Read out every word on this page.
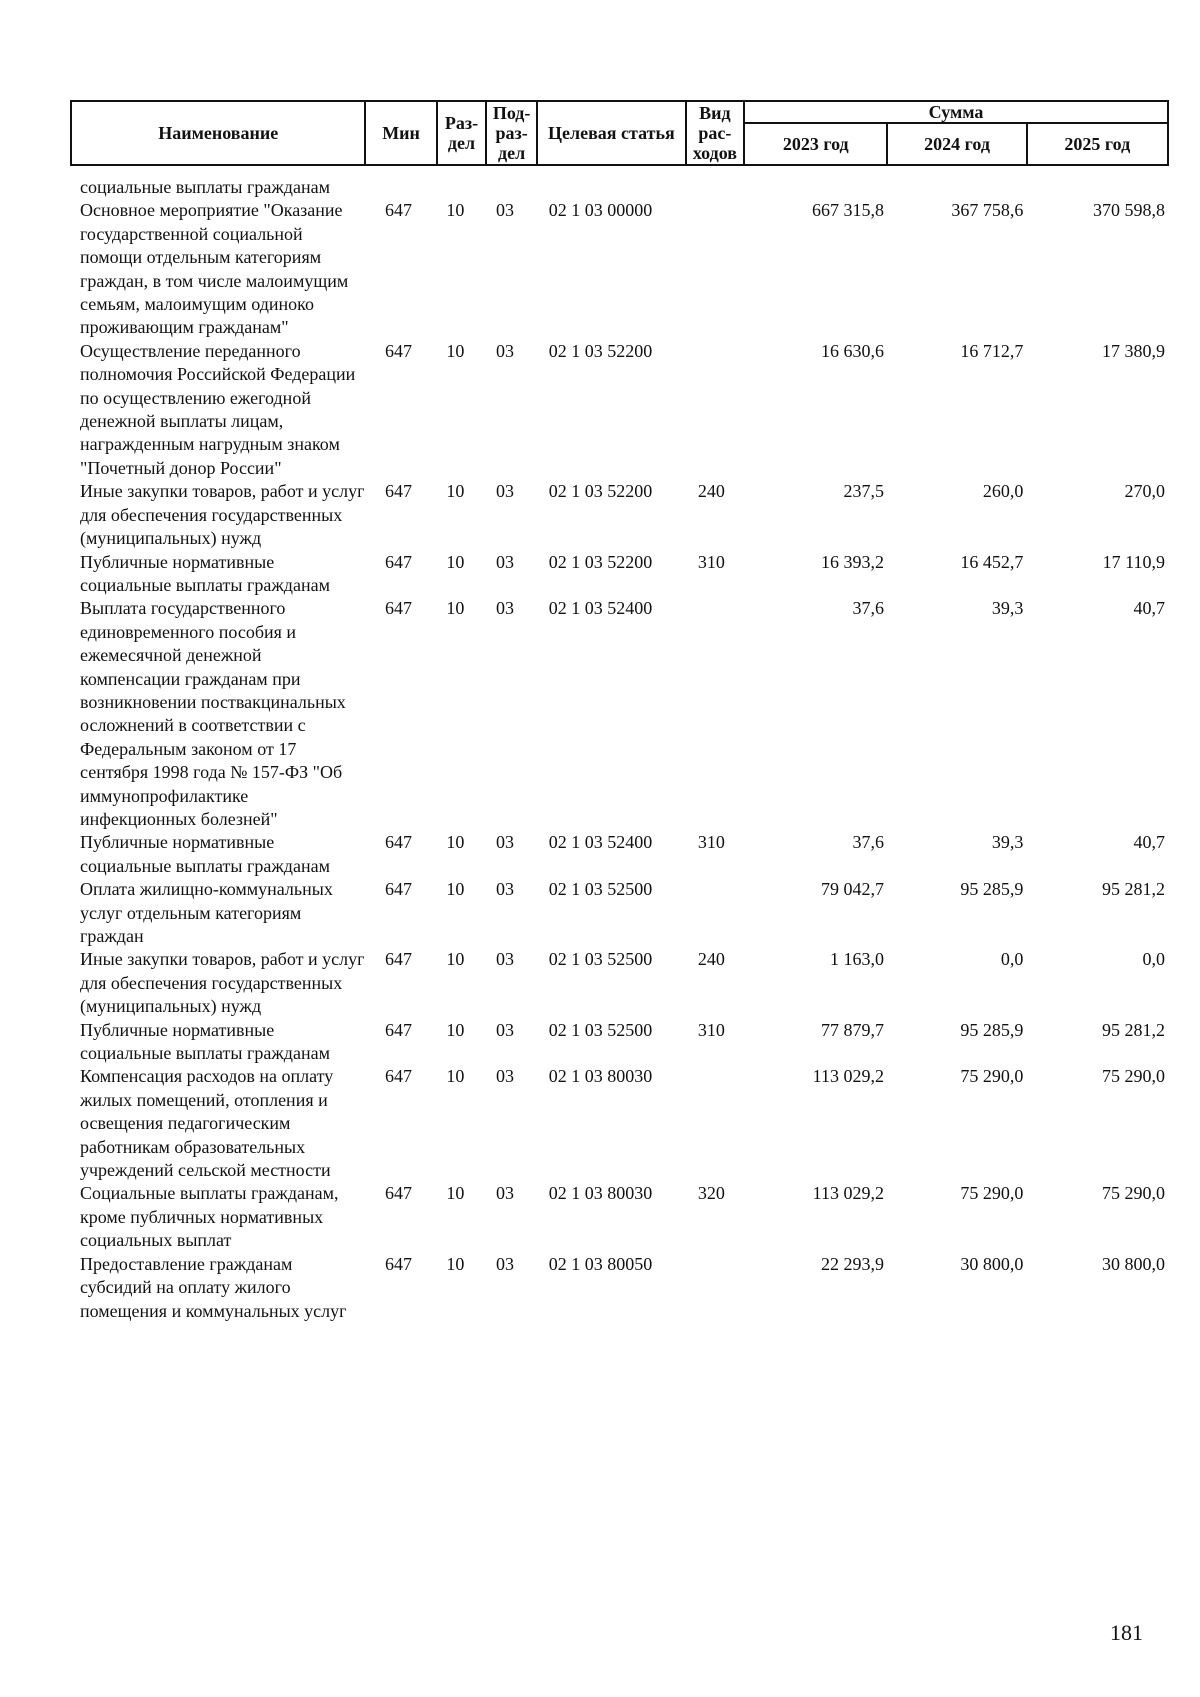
Наименование	Мин	Раз- дел	Под- раз- дел	Целевая статья	Вид рас- ходов	Сумма		
						2023 год	2024 год	2025 год
социальные выплаты гражданам								
Основное мероприятие "Оказание государственной социальной помощи отдельным категориям граждан, в том числе малоимущим семьям, малоимущим одиноко проживающим гражданам"	647	10	03	02 1 03 00000		667 315,8	367 758,6	370 598,8
Осуществление переданного полномочия Российской Федерации по осуществлению ежегодной денежной выплаты лицам, награжденным нагрудным знаком "Почетный донор России"	647	10	03	02 1 03 52200		16 630,6	16 712,7	17 380,9
Иные закупки товаров, работ и услуг для обеспечения государственных (муниципальных) нужд	647	10	03	02 1 03 52200	240	237,5	260,0	270,0
Публичные нормативные социальные выплаты гражданам	647	10	03	02 1 03 52200	310	16 393,2	16 452,7	17 110,9
Выплата государственного единовременного пособия и ежемесячной денежной компенсации гражданам при возникновении поствакцинальных осложнений в соответствии с Федеральным законом от 17 сентября 1998 года № 157-ФЗ "Об иммунопрофилактике инфекционных болезней"	647	10	03	02 1 03 52400		37,6	39,3	40,7
Публичные нормативные социальные выплаты гражданам	647	10	03	02 1 03 52400	310	37,6	39,3	40,7
Оплата жилищно-коммунальных услуг отдельным категориям граждан	647	10	03	02 1 03 52500		79 042,7	95 285,9	95 281,2
Иные закупки товаров, работ и услуг для обеспечения государственных (муниципальных) нужд	647	10	03	02 1 03 52500	240	1 163,0	0,0	0,0
Публичные нормативные социальные выплаты гражданам	647	10	03	02 1 03 52500	310	77 879,7	95 285,9	95 281,2
Компенсация расходов на оплату жилых помещений, отопления и освещения педагогическим работникам образовательных учреждений сельской местности	647	10	03	02 1 03 80030		113 029,2	75 290,0	75 290,0
Социальные выплаты гражданам, кроме публичных нормативных социальных выплат	647	10	03	02 1 03 80030	320	113 029,2	75 290,0	75 290,0
Предоставление гражданам субсидий на оплату жилого помещения и коммунальных услуг	647	10	03	02 1 03 80050		22 293,9	30 800,0	30 800,0
181
